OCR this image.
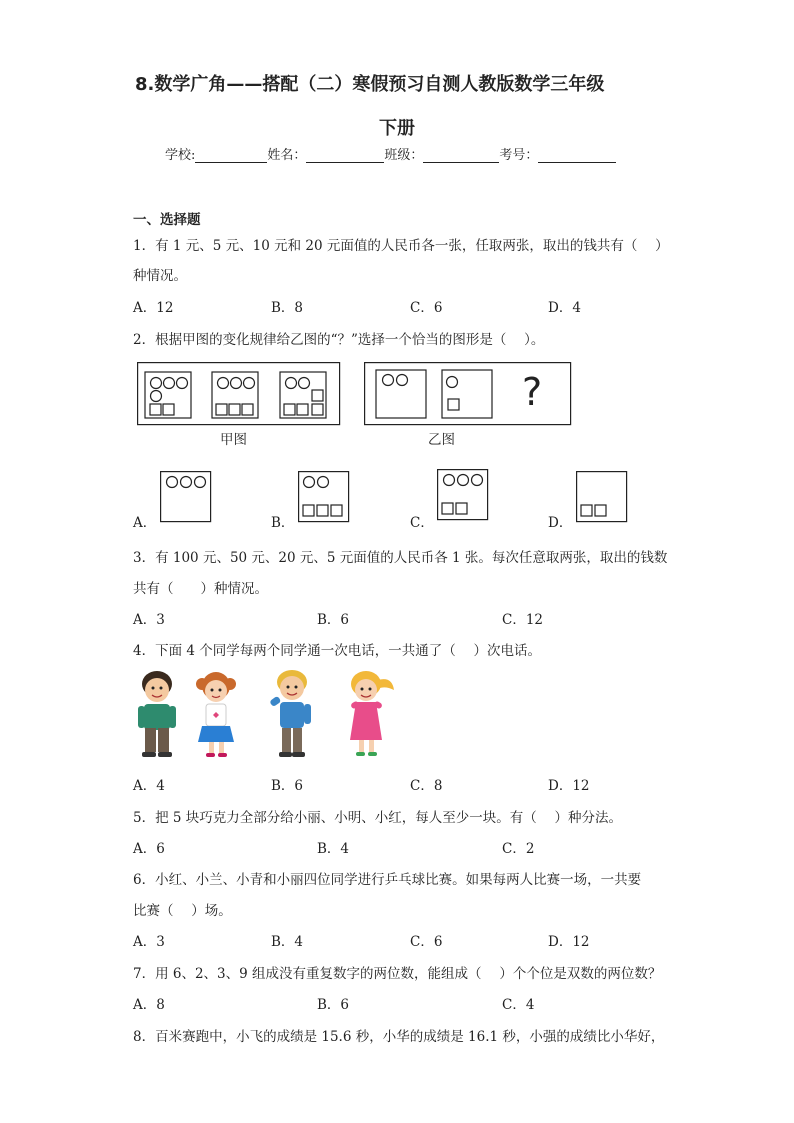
8.数学广角——搭配（二）寒假预习自测人教版数学三年级
下册
学校:	姓名：	班级：	考号：
一、选择题
1．有 1 元、5 元、10 元和 20 元面值的人民币各一张，任取两张，取出的钱共有（　 ）
种情况。
A．12	B．8	C．6	D．4
2．根据甲图的变化规律给乙图的“？”选择一个恰当的图形是（　 ）。
甲图
?
乙图
A．	B．	C．	D．
3．有 100 元、50 元、20 元、5 元面值的人民币各 1 张。每次任意取两张，取出的钱数
共有（　　）种情况。
A．3	B．6	C．12
4．下面 4 个同学每两个同学通一次电话，一共通了（　 ）次电话。
A．4	B．6	C．8	D．12
5．把 5 块巧克力全部分给小丽、小明、小红，每人至少一块。有（　 ）种分法。
A．6	B．4	C．2
6．小红、小兰、小青和小丽四位同学进行乒乓球比赛。如果每两人比赛一场，一共要
比赛（　 ）场。
A．3	B．4	C．6	D．12
7．用 6、2、3、9 组成没有重复数字的两位数，能组成（　 ）个个位是双数的两位数？
A．8	B．6	C．4
8．百米赛跑中，小飞的成绩是 15.6 秒，小华的成绩是 16.1 秒，小强的成绩比小华好，
